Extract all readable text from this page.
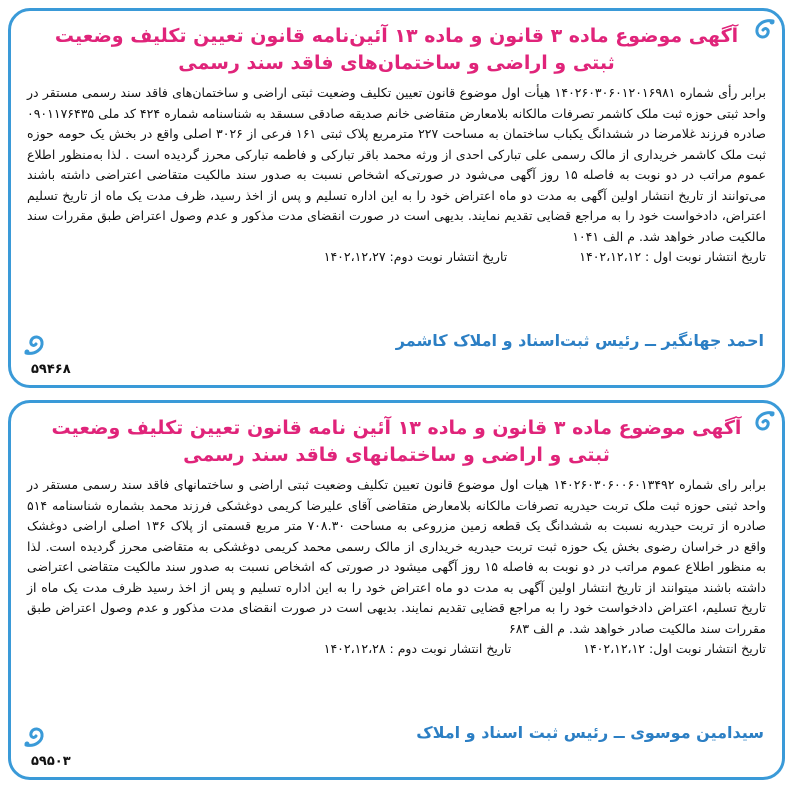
آگهی موضوع ماده ۳ قانون و ماده ۱۳ آئین‌نامه قانون تعیین تکلیف وضعیت ثبتی و اراضی و ساختمان‌های فاقد سند رسمی
برابر رأی شماره ۱۴۰۲۶۰۳۰۶۰۱۲۰۱۶۹۸۱ هیأت اول موضوع قانون تعیین تکلیف وضعیت ثبتی اراضی و ساختمان‌های فاقد سند رسمی مستقر در واحد ثبتی حوزه ثبت ملک کاشمر تصرفات مالکانه بلامعارض متقاضی خانم صدیقه صادقی سسقد به شناسنامه شماره ۴۲۴ کد ملی ۰۹۰۱۱۷۶۴۳۵ صادره فرزند غلامرضا در ششدانگ یکباب ساختمان به مساحت ۲۲۷ مترمربع پلاک ثبتی ۱۶۱ فرعی از ۳۰۲۶ اصلی واقع در بخش یک حومه حوزه ثبت ملک کاشمر خریداری از مالک رسمی علی تبارکی احدی از ورثه محمد باقر تبارکی و فاطمه تبارکی محرز گردیده است . لذا به‌منظور اطلاع عموم مراتب در دو نوبت به فاصله ۱۵ روز آگهی می‌شود در صورتی‌که اشخاص نسبت به صدور سند مالکیت متقاضی اعتراضی داشته باشند می‌توانند از تاریخ انتشار اولین آگهی به مدت دو ماه اعتراض خود را به این اداره تسلیم و پس از اخذ رسید، ظرف مدت یک ماه از تاریخ تسلیم اعتراض، دادخواست خود را به مراجع قضایی تقدیم نمایند. بدیهی است در صورت انقضای مدت مذکور و عدم وصول اعتراض طبق مقررات سند مالکیت صادر خواهد شد. م الف ۱۰۴۱
تاریخ انتشار نوبت اول : ۱۴۰۲،۱۲،۱۲
تاریخ انتشار نوبت دوم: ۱۴۰۲،۱۲،۲۷
احمد جهانگیر ــ رئیس ثبت‌اسناد و املاک کاشمر
۵۹۴۶۸
آگهی موضوع ماده ۳ قانون و ماده ۱۳ آئین نامه قانون تعیین تکلیف وضعیت ثبتی و اراضی و ساختمانهای فاقد سند رسمی
برابر رای شماره ۱۴۰۲۶۰۳۰۶۰۰۶۰۱۳۴۹۲ هیات اول موضوع قانون تعیین تکلیف وضعیت ثبتی اراضی و ساختمانهای فاقد سند رسمی مستقر در واحد ثبتی حوزه ثبت ملک تربت حیدریه تصرفات مالکانه بلامعارض متقاضی آقای علیرضا کریمی دوغشکی فرزند محمد بشماره شناسنامه ۵۱۴ صادره از تربت حیدریه نسبت به ششدانگ یک قطعه زمین مزروعی به مساحت ۷۰۸.۳۰ متر مربع قسمتی از پلاک ۱۳۶ اصلی اراضی دوغشک واقع در خراسان رضوی بخش یک حوزه ثبت تربت حیدریه خریداری از مالک رسمی محمد کریمی دوغشکی به متقاضی محرز گردیده است. لذا به منظور اطلاع عموم مراتب در دو نوبت به فاصله ۱۵ روز آگهی میشود در صورتی که اشخاص نسبت به صدور سند مالکیت متقاضی اعتراضی داشته باشند میتوانند از تاریخ انتشار اولین آگهی به مدت دو ماه اعتراض خود را به این اداره تسلیم و پس از اخذ رسید ظرف مدت یک ماه از تاریخ تسلیم، اعتراض دادخواست خود را به مراجع قضایی تقدیم نمایند. بدیهی است در صورت انقضای مدت مذکور و عدم وصول اعتراض طبق مقررات سند مالکیت صادر خواهد شد. م الف ۶۸۳
تاریخ انتشار نوبت اول: ۱۴۰۲،۱۲،۱۲
تاریخ انتشار نوبت دوم : ۱۴۰۲،۱۲،۲۸
سیدامین موسوی ــ رئیس ثبت اسناد و املاک
۵۹۵۰۳
